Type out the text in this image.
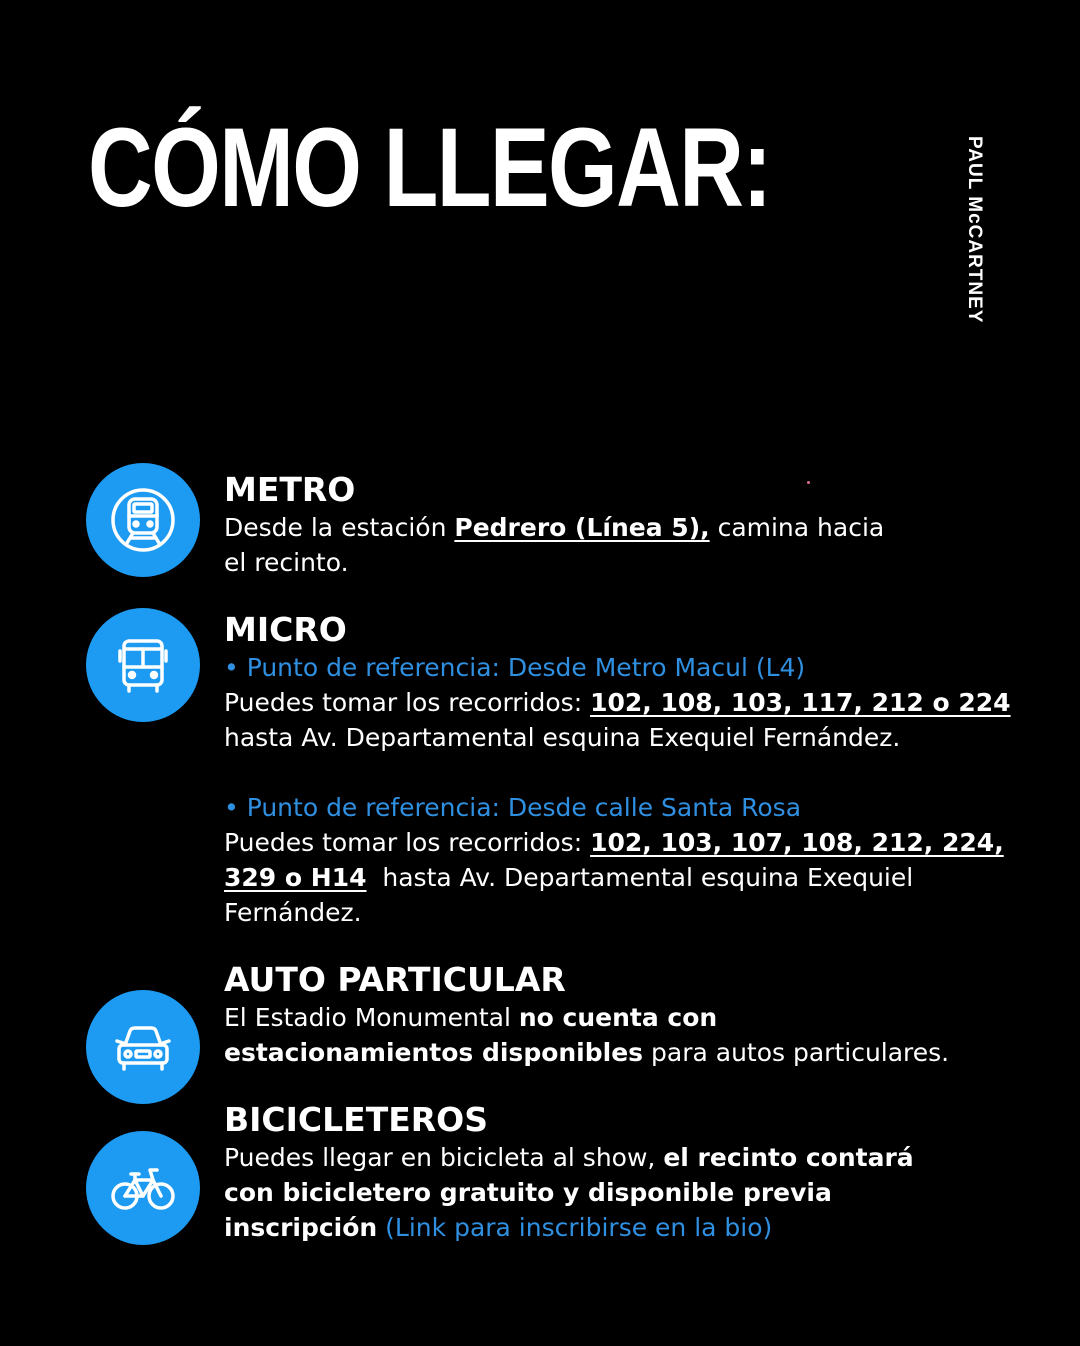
CÓMO LLEGAR:	PAUL McCARTNEY

METRO

Desde la estación Pedrero (Línea 5), camina hacia
el recinto.

MICRO

• Punto de referencia: Desde Metro Macul (L4)
Puedes tomar los recorridos: 102, 108, 103, 117, 212 o 224
hasta Av. Departamental esquina Exequiel Fernández.

• Punto de referencia: Desde calle Santa Rosa
Puedes tomar los recorridos: 102, 103, 107, 108, 212, 224,
329 o H14  hasta Av. Departamental esquina Exequiel
Fernández.

AUTO PARTICULAR

El Estadio Monumental no cuenta con
estacionamientos disponibles para autos particulares.

BICICLETEROS

Puedes llegar en bicicleta al show, el recinto contará
con bicicletero gratuito y disponible previa
inscripción (Link para inscribirse en la bio)
